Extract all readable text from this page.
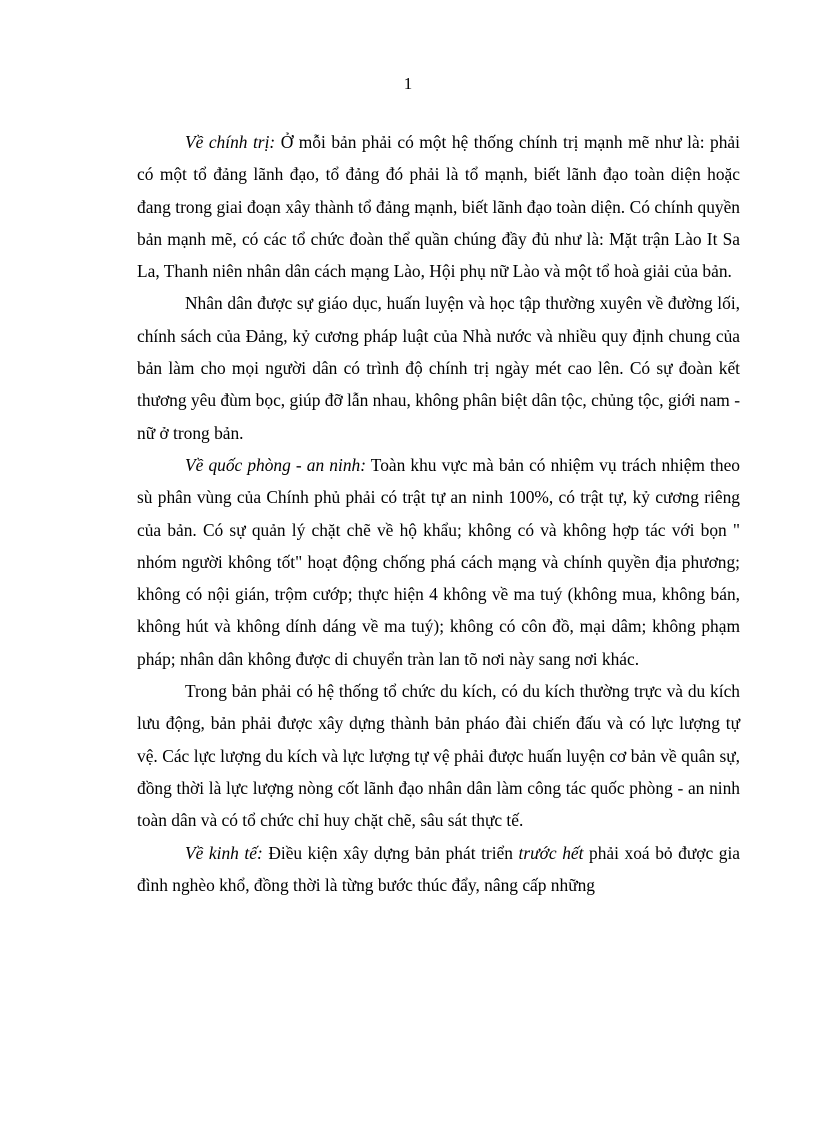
1

Về chính trị: Ở mỗi bản phải có một hệ thống chính trị mạnh mẽ như là: phải có một tổ đảng lãnh đạo, tổ đảng đó phải là tổ mạnh, biết lãnh đạo toàn diện hoặc đang trong giai đoạn xây thành tổ đảng mạnh, biết lãnh đạo toàn diện. Có chính quyền bản mạnh mẽ, có các tổ chức đoàn thể quần chúng đầy đủ như là: Mặt trận Lào It Sa La, Thanh niên nhân dân cách mạng Lào, Hội phụ nữ Lào và một tổ hoà giải của bản.

Nhân dân được sự giáo dục, huấn luyện và học tập thường xuyên về đường lối, chính sách của Đảng, kỷ cương pháp luật của Nhà nước và nhiều quy định chung của bản làm cho mọi người dân có trình độ chính trị ngày mét cao lên. Có sự đoàn kết thương yêu đùm bọc, giúp đỡ lẫn nhau, không phân biệt dân tộc, chủng tộc, giới nam - nữ ở trong bản.

Về quốc phòng - an ninh: Toàn khu vực mà bản có nhiệm vụ trách nhiệm theo sù phân vùng của Chính phủ phải có trật tự an ninh 100%, có trật tự, kỷ cương riêng của bản. Có sự quản lý chặt chẽ về hộ khẩu; không có và không hợp tác với bọn " nhóm người không tốt" hoạt động chống phá cách mạng và chính quyền địa phương; không có nội gián, trộm cướp; thực hiện 4 không về ma tuý (không mua, không bán, không hút và không dính dáng về ma tuý); không có côn đồ, mại dâm; không phạm pháp; nhân dân không được di chuyển tràn lan tõ nơi này sang nơi khác.

Trong bản phải có hệ thống tổ chức du kích, có du kích thường trực và du kích lưu động, bản phải được xây dựng thành bản pháo đài chiến đấu và có lực lượng tự vệ. Các lực lượng du kích và lực lượng tự vệ phải được huấn luyện cơ bản về quân sự, đồng thời là lực lượng nòng cốt lãnh đạo nhân dân làm công tác quốc phòng - an ninh toàn dân và có tổ chức chỉ huy chặt chẽ, sâu sát thực tế.

Về kinh tế: Điều kiện xây dựng bản phát triển trước hết phải xoá bỏ được gia đình nghèo khổ, đồng thời là từng bước thúc đẩy, nâng cấp những
